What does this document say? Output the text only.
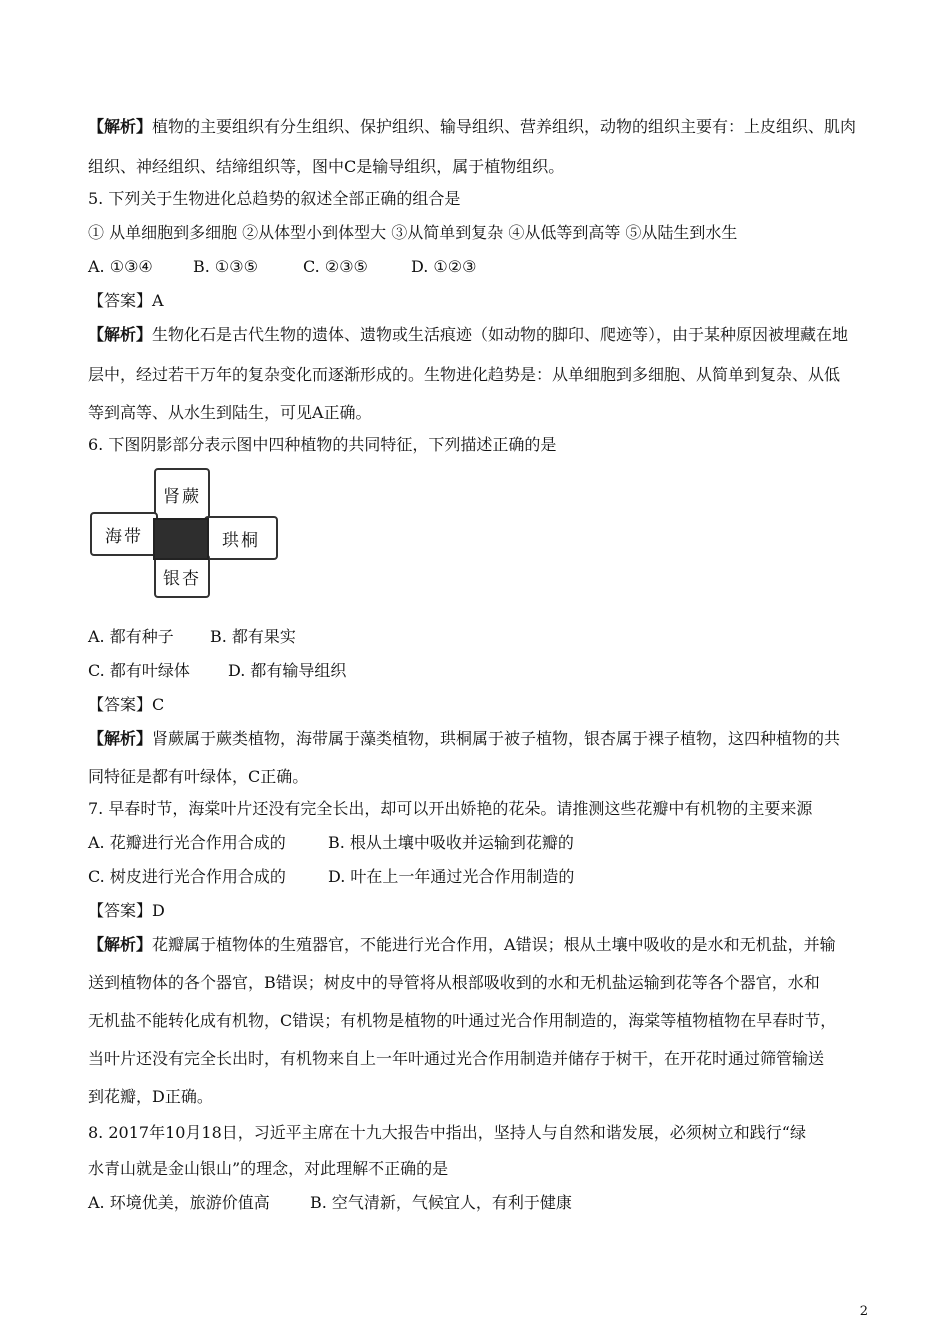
【解析】植物的主要组织有分生组织、保护组织、输导组织、营养组织，动物的组织主要有：上皮组织、肌肉
组织、神经组织、结缔组织等，图中C是输导组织，属于植物组织。
5. 下列关于生物进化总趋势的叙述全部正确的组合是
① 从单细胞到多细胞 ②从体型小到体型大 ③从简单到复杂 ④从低等到高等 ⑤从陆生到水生
A. ①③④	B. ①③⑤	C. ②③⑤	D. ①②③
【答案】A
【解析】生物化石是古代生物的遗体、遗物或生活痕迹（如动物的脚印、爬迹等），由于某种原因被埋藏在地
层中，经过若干万年的复杂变化而逐渐形成的。生物进化趋势是：从单细胞到多细胞、从简单到复杂、从低
等到高等、从水生到陆生，可见A正确。
6. 下图阴影部分表示图中四种植物的共同特征，下列描述正确的是
肾蕨
海带	珙桐
银杏
A. 都有种子 B. 都有果实
C. 都有叶绿体 D. 都有输导组织
【答案】C
【解析】肾蕨属于蕨类植物，海带属于藻类植物，珙桐属于被子植物，银杏属于裸子植物，这四种植物的共
同特征是都有叶绿体，C正确。
7. 早春时节，海棠叶片还没有完全长出，却可以开出娇艳的花朵。请推测这些花瓣中有机物的主要来源
A. 花瓣进行光合作用合成的	B. 根从土壤中吸收并运输到花瓣的
C. 树皮进行光合作用合成的	D. 叶在上一年通过光合作用制造的
【答案】D
【解析】花瓣属于植物体的生殖器官，不能进行光合作用，A错误；根从土壤中吸收的是水和无机盐，并输
送到植物体的各个器官，B错误；树皮中的导管将从根部吸收到的水和无机盐运输到花等各个器官，水和
无机盐不能转化成有机物，C错误；有机物是植物的叶通过光合作用制造的，海棠等植物植物在早春时节，
当叶片还没有完全长出时，有机物来自上一年叶通过光合作用制造并储存于树干，在开花时通过筛管输送
到花瓣，D正确。
8. 2017年10月18日，习近平主席在十九大报告中指出，坚持人与自然和谐发展，必须树立和践行“绿
水青山就是金山银山”的理念，对此理解不正确的是
A. 环境优美，旅游价值高	B. 空气清新，气候宜人，有利于健康
2
